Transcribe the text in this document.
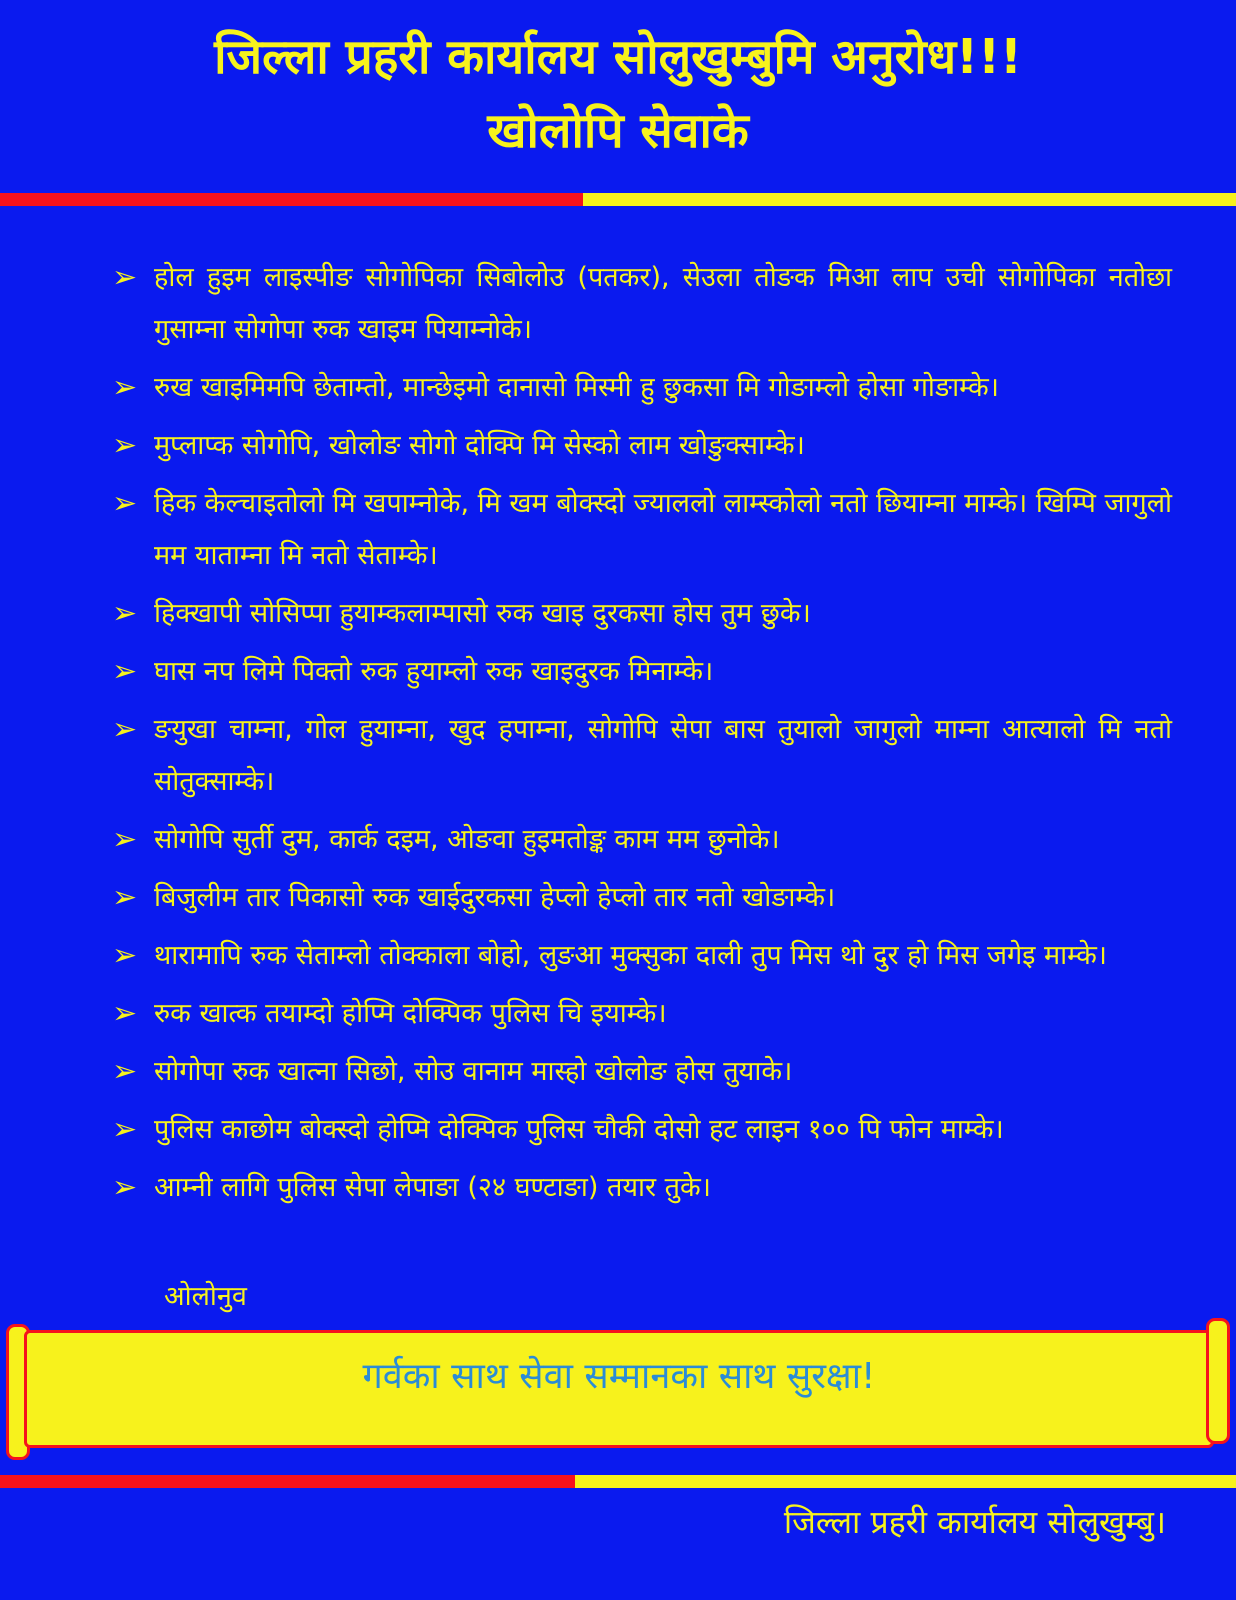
जिल्ला प्रहरी कार्यालय सोलुखुम्बुमि अनुरोध!!!
खोलोपि सेवाके
➢ होल हुइम लाइस्पीङ सोगोपिका सिबोलोउ (पतकर), सेउला तोङक मिआ लाप उची सोगोपिका नतोछा गुसाम्ना सोगोपा रुक खाइम पियाम्नोके।
➢ रुख खाइमिमपि छेताम्तो, मान्छेइमो दानासो मिस्मी हु छुकसा मि गोङाम्लो होसा गोङाम्के।
➢ मुप्लाप्क सोगोपि, खोलोङ सोगो दोक्पि मि सेस्को लाम खोङुक्साम्के।
➢ हिक केल्चाइतोलो मि खपाम्नोके, मि खम बोक्स्दो ज्याललो लाम्स्कोलो नतो छियाम्ना माम्के। खिम्पि जागुलो मम याताम्ना मि नतो सेताम्के।
➢ हिक्खापी सोसिप्पा हुयाम्कलाम्पासो रुक खाइ दुरकसा होस तुम छुके।
➢ घास नप लिमे पिक्तो रुक हुयाम्लो रुक खाइदुरक मिनाम्के।
➢ ङयुखा चाम्ना, गोल हुयाम्ना, खुद हपाम्ना, सोगोपि सेपा बास तुयालो जागुलो माम्ना आत्यालो मि नतो सोतुक्साम्के।
➢ सोगोपि सुर्ती दुम, कार्क दइम, ओङवा हुइमतोङ्क काम मम छुनोके।
➢ बिजुलीम तार पिकासो रुक खाईदुरकसा हेप्लो हेप्लो तार नतो खोङाम्के।
➢ थारामापि रुक सेताम्लो तोक्काला बोहो, लुङआ मुक्सुका दाली तुप मिस थो दुर हो मिस जगेइ माम्के।
➢ रुक खात्क तयाम्दो होप्मि दोक्पिक पुलिस चि इयाम्के।
➢ सोगोपा रुक खात्ना सिछो, सोउ वानाम मास्हो खोलोङ होस तुयाके।
➢ पुलिस काछोम बोक्स्दो होप्मि दोक्पिक पुलिस चौकी दोसो हट लाइन १०० पि फोन माम्के।
➢ आम्नी लागि पुलिस सेपा लेपाङा (२४ घण्टाङा) तयार तुके।
ओलोनुव
गर्वका साथ सेवा सम्मानका साथ सुरक्षा!
जिल्ला प्रहरी कार्यालय सोलुखुम्बु।
